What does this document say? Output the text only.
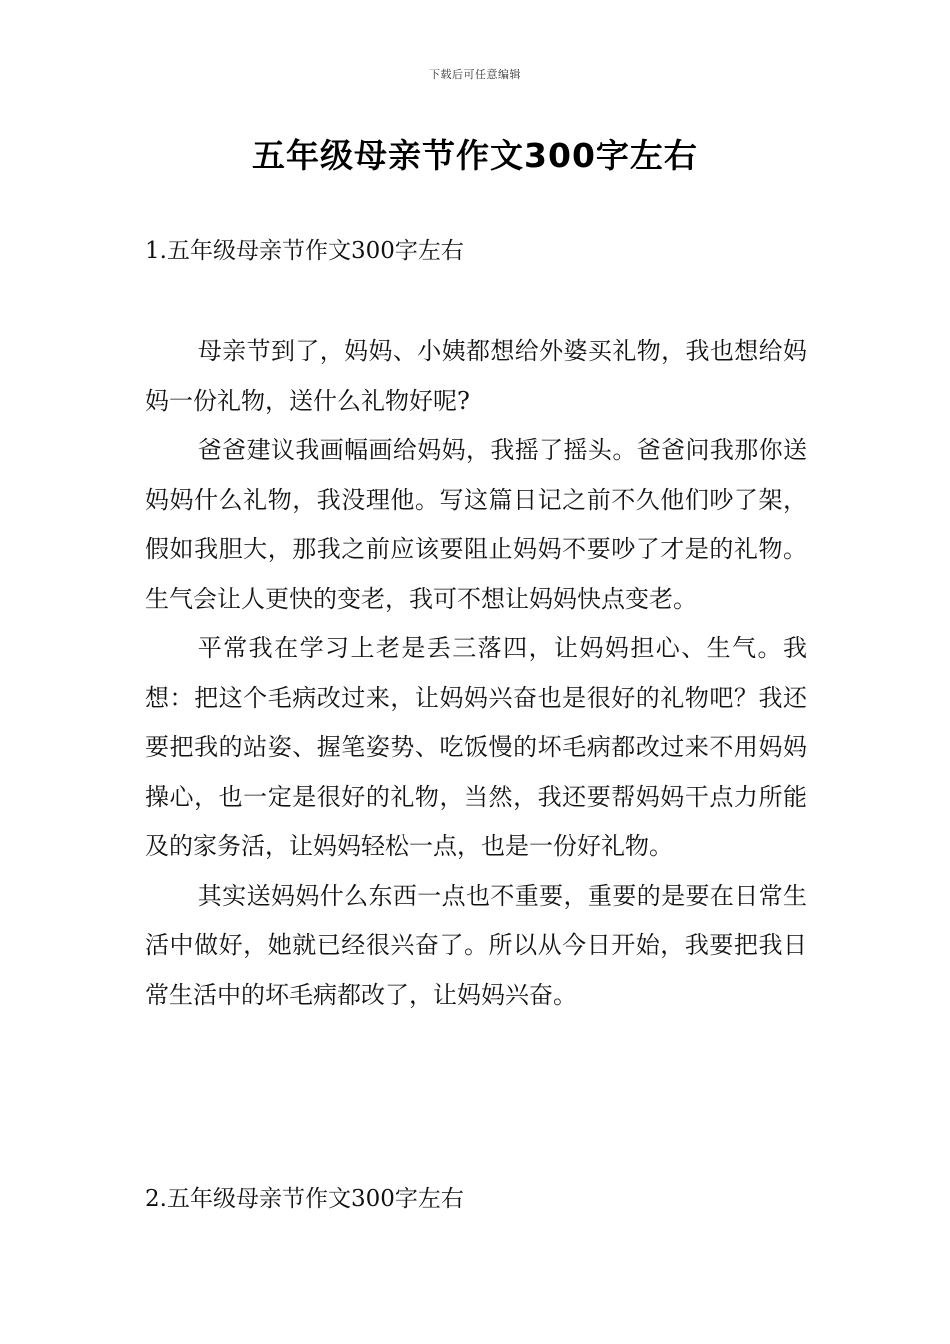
下载后可任意编辑
五年级母亲节作文300字左右
1.五年级母亲节作文300字左右

母亲节到了，妈妈、小姨都想给外婆买礼物，我也想给妈妈一份礼物，送什么礼物好呢?

爸爸建议我画幅画给妈妈，我摇了摇头。爸爸问我那你送妈妈什么礼物，我没理他。写这篇日记之前不久他们吵了架，假如我胆大，那我之前应该要阻止妈妈不要吵了才是的礼物。生气会让人更快的变老，我可不想让妈妈快点变老。

平常我在学习上老是丢三落四，让妈妈担心、生气。我想：把这个毛病改过来，让妈妈兴奋也是很好的礼物吧？我还要把我的站姿、握笔姿势、吃饭慢的坏毛病都改过来不用妈妈操心，也一定是很好的礼物，当然，我还要帮妈妈干点力所能及的家务活，让妈妈轻松一点，也是一份好礼物。

其实送妈妈什么东西一点也不重要，重要的是要在日常生活中做好，她就已经很兴奋了。所以从今日开始，我要把我日常生活中的坏毛病都改了，让妈妈兴奋。

2.五年级母亲节作文300字左右
